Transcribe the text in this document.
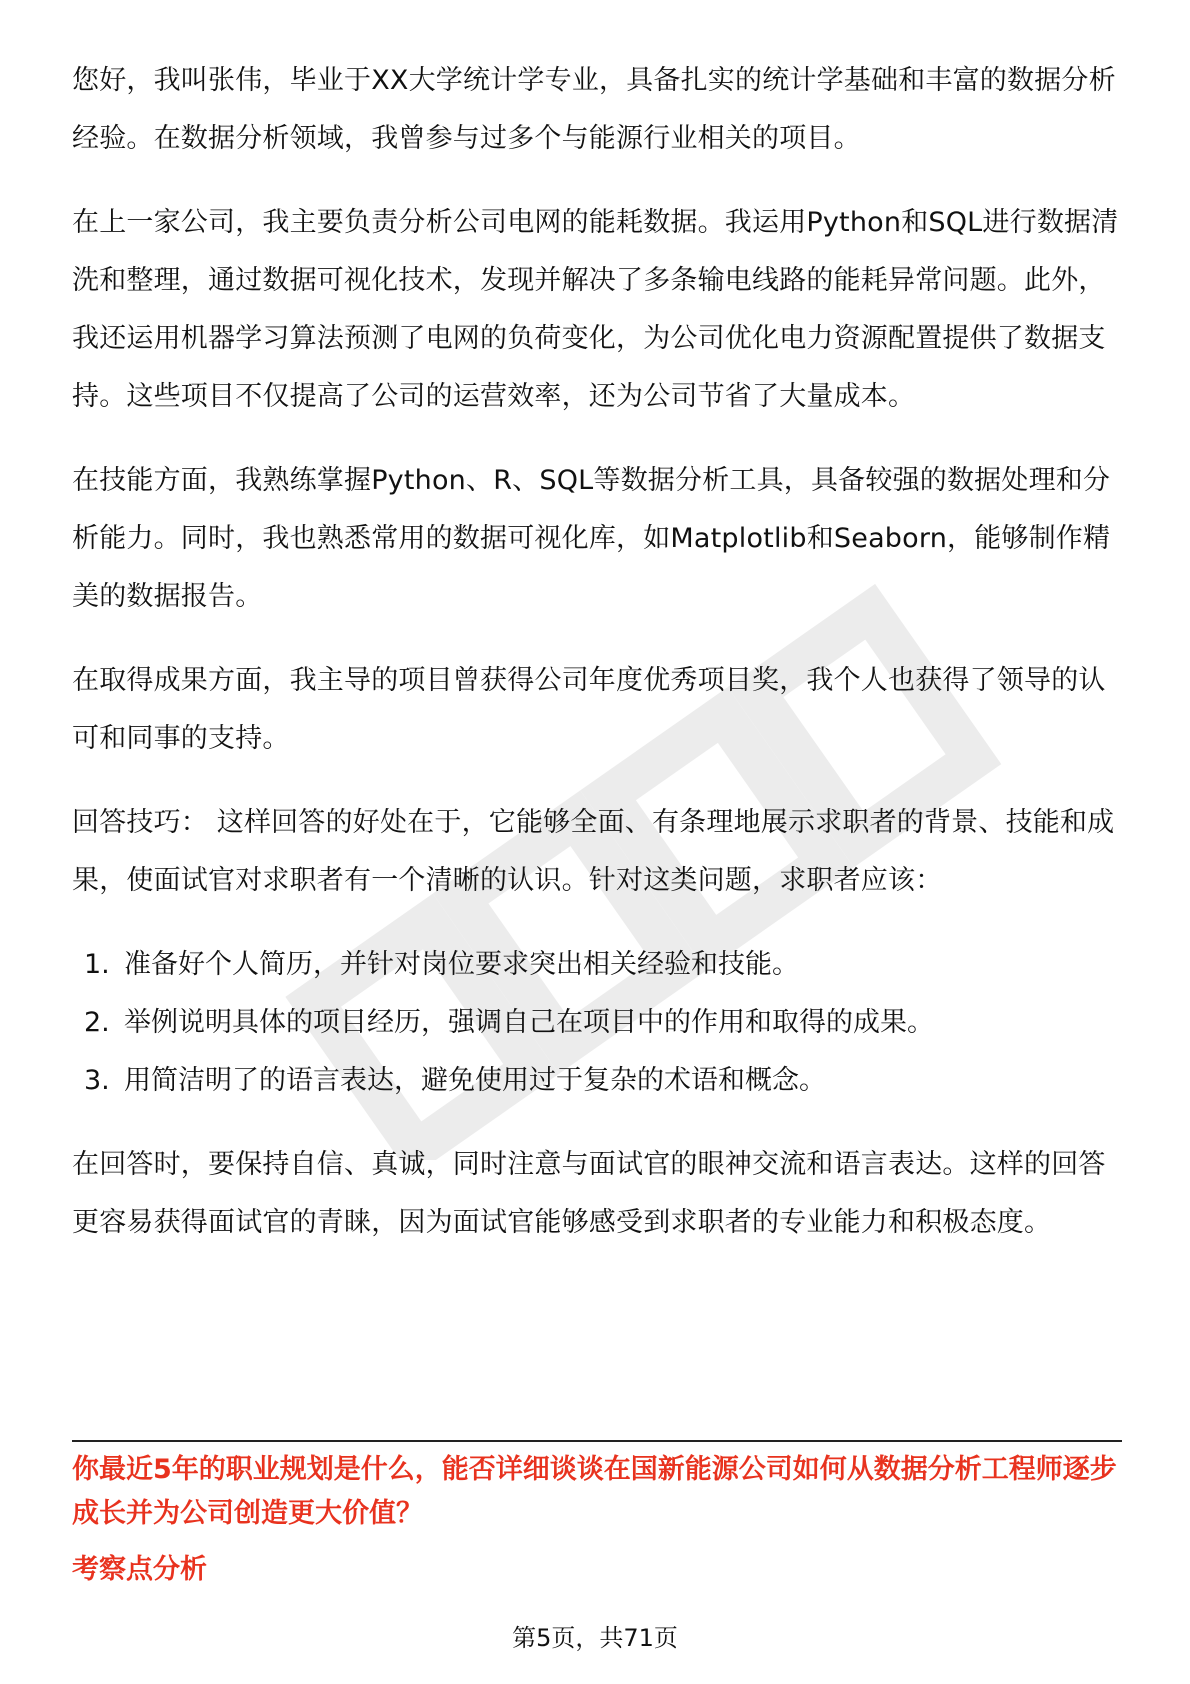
您好，我叫张伟，毕业于XX大学统计学专业，具备扎实的统计学基础和丰富的数据分析经验。在数据分析领域，我曾参与过多个与能源行业相关的项目。

在上一家公司，我主要负责分析公司电网的能耗数据。我运用Python和SQL进行数据清洗和整理，通过数据可视化技术，发现并解决了多条输电线路的能耗异常问题。此外，我还运用机器学习算法预测了电网的负荷变化，为公司优化电力资源配置提供了数据支持。这些项目不仅提高了公司的运营效率，还为公司节省了大量成本。

在技能方面，我熟练掌握Python、R、SQL等数据分析工具，具备较强的数据处理和分析能力。同时，我也熟悉常用的数据可视化库，如Matplotlib和Seaborn，能够制作精美的数据报告。

在取得成果方面，我主导的项目曾获得公司年度优秀项目奖，我个人也获得了领导的认可和同事的支持。

回答技巧： 这样回答的好处在于，它能够全面、有条理地展示求职者的背景、技能和成果，使面试官对求职者有一个清晰的认识。针对这类问题，求职者应该：

1. 准备好个人简历，并针对岗位要求突出相关经验和技能。
2. 举例说明具体的项目经历，强调自己在项目中的作用和取得的成果。
3. 用简洁明了的语言表达，避免使用过于复杂的术语和概念。

在回答时，要保持自信、真诚，同时注意与面试官的眼神交流和语言表达。这样的回答更容易获得面试官的青睐，因为面试官能够感受到求职者的专业能力和积极态度。

你最近5年的职业规划是什么，能否详细谈谈在国新能源公司如何从数据分析工程师逐步成长并为公司创造更大价值？

考察点分析

第5页，共71页
